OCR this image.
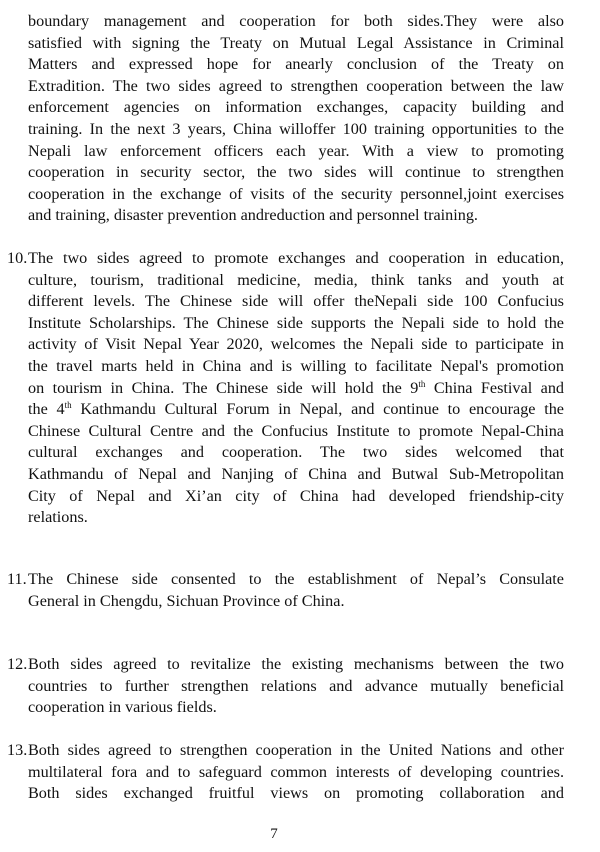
boundary management and cooperation for both sides.They were also
satisfied with signing the Treaty on Mutual Legal Assistance in Criminal
Matters and expressed hope for anearly conclusion of the Treaty on
Extradition. The two sides agreed to strengthen cooperation between the law
enforcement agencies on information exchanges, capacity building and
training. In the next 3 years, China willoffer 100 training opportunities to the
Nepali law enforcement officers each year. With a view to promoting
cooperation in security sector, the two sides will continue to strengthen
cooperation in the exchange of visits of the security personnel,joint exercises
and training, disaster prevention andreduction and personnel training.
10. The two sides agreed to promote exchanges and cooperation in education,
culture, tourism, traditional medicine, media, think tanks and youth at
different levels. The Chinese side will offer theNepali side 100 Confucius
Institute Scholarships. The Chinese side supports the Nepali side to hold the
activity of Visit Nepal Year 2020, welcomes the Nepali side to participate in
the travel marts held in China and is willing to facilitate Nepal's promotion
on tourism in China. The Chinese side will hold the 9th China Festival and
the 4th Kathmandu Cultural Forum in Nepal, and continue to encourage the
Chinese Cultural Centre and the Confucius Institute to promote Nepal-China
cultural exchanges and cooperation. The two sides welcomed that
Kathmandu of Nepal and Nanjing of China and Butwal Sub-Metropolitan
City of Nepal and Xi’an city of China had developed friendship-city
relations.
11. The Chinese side consented to the establishment of Nepal’s Consulate
General in Chengdu, Sichuan Province of China.
12. Both sides agreed to revitalize the existing mechanisms between the two
countries to further strengthen relations and advance mutually beneficial
cooperation in various fields.
13. Both sides agreed to strengthen cooperation in the United Nations and other
multilateral fora and to safeguard common interests of developing countries.
Both sides exchanged fruitful views on promoting collaboration and
7
